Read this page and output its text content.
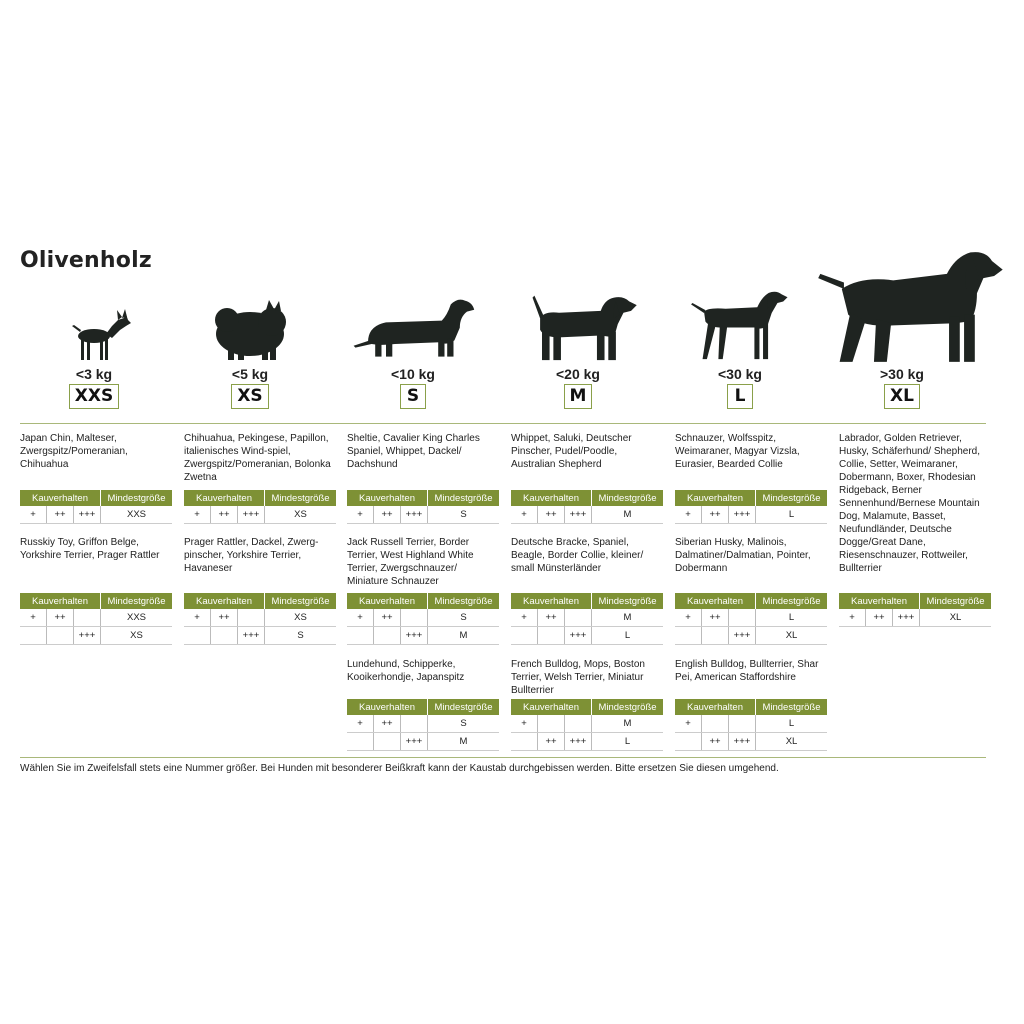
Olivenholz
<3 kg
XXS
<5 kg
XS
<10 kg
S
<20 kg
M
<30 kg
L
>30 kg
XL

Japan Chin, Malteser, Zwergspitz/Pomeranian, Chihuahua

Kauverhalten			Mindestgröße
+	++	+++	XXS

Russkiy Toy, Griffon Belge, Yorkshire Terrier, Prager Rattler

Kauverhalten			Mindestgröße
+	++		XXS
		+++	XS

Chihuahua, Pekingese, Papillon, italienisches Wind-spiel, Zwergspitz/Pomeranian, Bolonka Zwetna

Kauverhalten			Mindestgröße
+	++	+++	XS

Prager Rattler, Dackel, Zwerg-pinscher, Yorkshire Terrier, Havaneser

Kauverhalten			Mindestgröße
+	++		XS
		+++	S

Sheltie, Cavalier King Charles Spaniel, Whippet, Dackel/ Dachshund

Kauverhalten			Mindestgröße
+	++	+++	S

Jack Russell Terrier, Border Terrier, West Highland White Terrier, Zwergschnauzer/ Miniature Schnauzer

Kauverhalten			Mindestgröße
+	++		S
		+++	M

Lundehund, Schipperke, Kooikerhondje, Japanspitz

Kauverhalten			Mindestgröße
+	++		S
		+++	M

Whippet, Saluki, Deutscher Pinscher, Pudel/Poodle, Australian Shepherd

Kauverhalten			Mindestgröße
+	++	+++	M

Deutsche Bracke, Spaniel, Beagle, Border Collie, kleiner/ small Münsterländer

Kauverhalten			Mindestgröße
+	++		M
		+++	L

French Bulldog, Mops, Boston Terrier, Welsh Terrier, Miniatur Bullterrier

Kauverhalten			Mindestgröße
+			M
	++	+++	L

Schnauzer, Wolfsspitz, Weimaraner, Magyar Vizsla, Eurasier, Bearded Collie

Kauverhalten			Mindestgröße
+	++	+++	L

Siberian Husky, Malinois, Dalmatiner/Dalmatian, Pointer, Dobermann

Kauverhalten			Mindestgröße
+	++		L
		+++	XL

English Bulldog, Bullterrier, Shar Pei, American Staffordshire

Kauverhalten			Mindestgröße
+			L
	++	+++	XL

Labrador, Golden Retriever, Husky, Schäferhund/ Shepherd, Collie, Setter, Weimaraner, Dobermann, Boxer, Rhodesian Ridgeback, Berner Sennenhund/Bernese Mountain Dog, Malamute, Basset, Neufundländer, Deutsche Dogge/Great Dane, Riesenschnauzer, Rottweiler, Bullterrier

Kauverhalten			Mindestgröße
+	++	+++	XL
Wählen Sie im Zweifelsfall stets eine Nummer größer. Bei Hunden mit besonderer Beißkraft kann der Kaustab durchgebissen werden. Bitte ersetzen Sie diesen umgehend.
